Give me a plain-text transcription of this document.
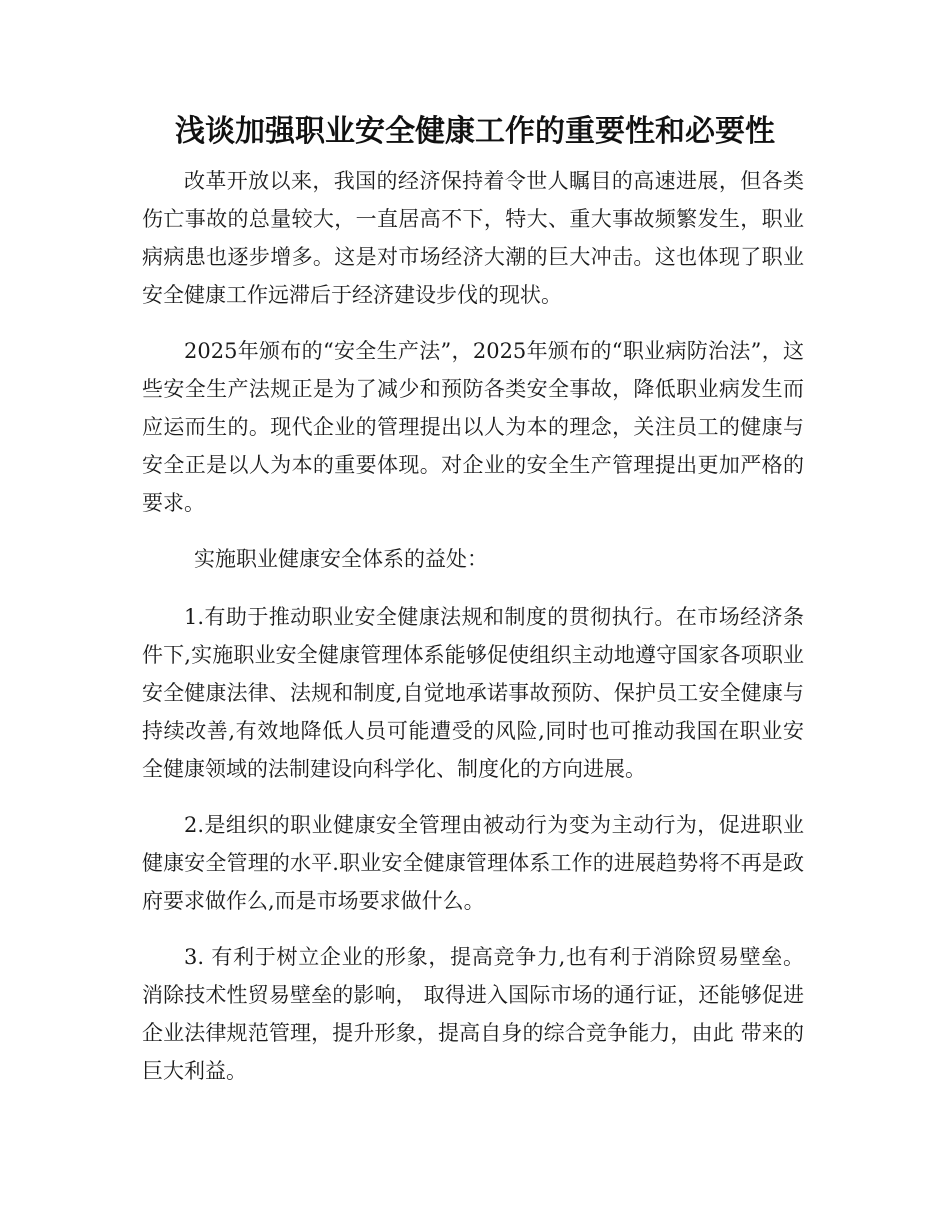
浅谈加强职业安全健康工作的重要性和必要性

改革开放以来，我国的经济保持着令世人瞩目的高速进展，但各类伤亡事故的总量较大，一直居高不下，特大、重大事故频繁发生，职业病病患也逐步增多。这是对市场经济大潮的巨大冲击。这也体现了职业安全健康工作远滞后于经济建设步伐的现状。

2025年颁布的“安全生产法”，2025年颁布的“职业病防治法”，这些安全生产法规正是为了减少和预防各类安全事故，降低职业病发生而应运而生的。现代企业的管理提出以人为本的理念，关注员工的健康与安全正是以人为本的重要体现。对企业的安全生产管理提出更加严格的要求。

实施职业健康安全体系的益处：

1.有助于推动职业安全健康法规和制度的贯彻执行。在市场经济条件下,实施职业安全健康管理体系能够促使组织主动地遵守国家各项职业安全健康法律、法规和制度,自觉地承诺事故预防、保护员工安全健康与持续改善,有效地降低人员可能遭受的风险,同时也可推动我国在职业安全健康领域的法制建设向科学化、制度化的方向进展。

2.是组织的职业健康安全管理由被动行为变为主动行为，促进职业健康安全管理的水平.职业安全健康管理体系工作的进展趋势将不再是政府要求做作么,而是市场要求做什么。

3. 有利于树立企业的形象，提高竞争力,也有利于消除贸易壁垒。消除技术性贸易壁垒的影响， 取得进入国际市场的通行证，还能够促进企业法律规范管理，提升形象，提高自身的综合竞争能力，由此 带来的巨大利益。
